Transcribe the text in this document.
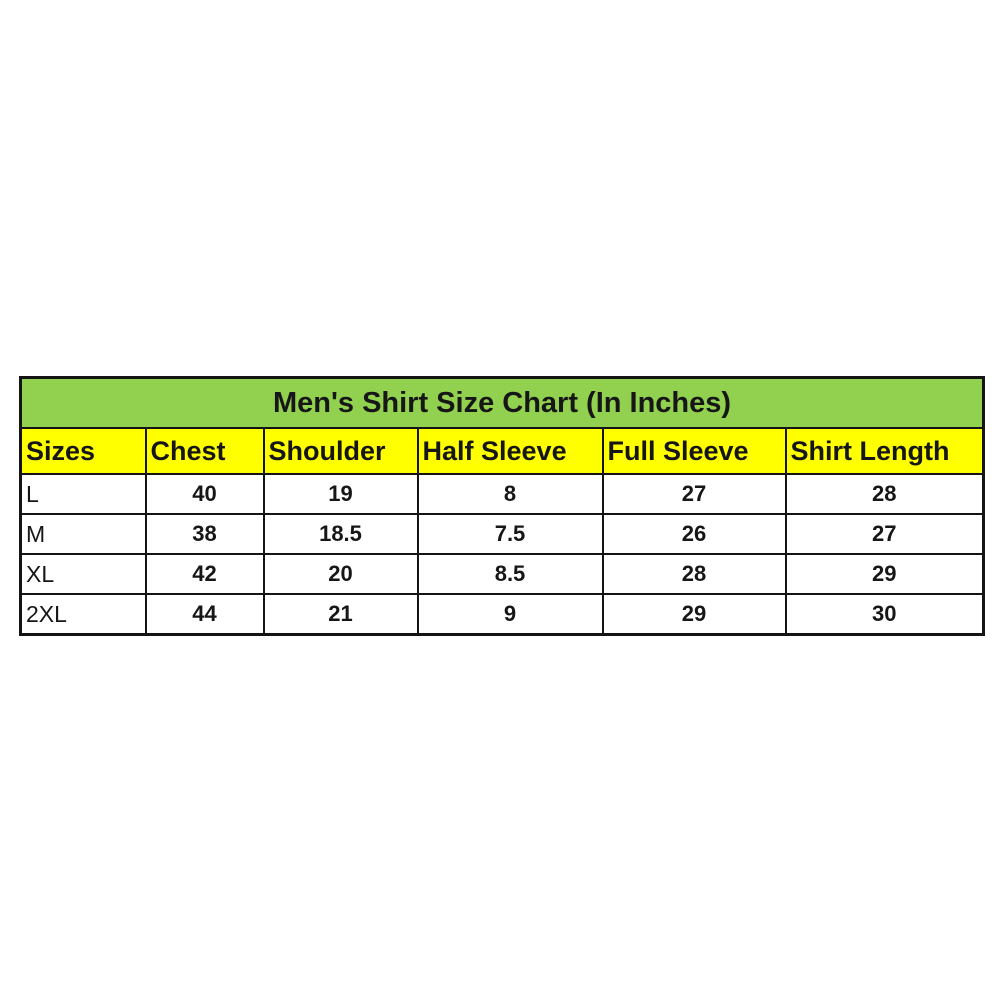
Men's Shirt Size Chart (In Inches)					
Sizes	Chest	Shoulder	Half Sleeve	Full Sleeve	Shirt Length
L	40	19	8	27	28
M	38	18.5	7.5	26	27
XL	42	20	8.5	28	29
2XL	44	21	9	29	30
